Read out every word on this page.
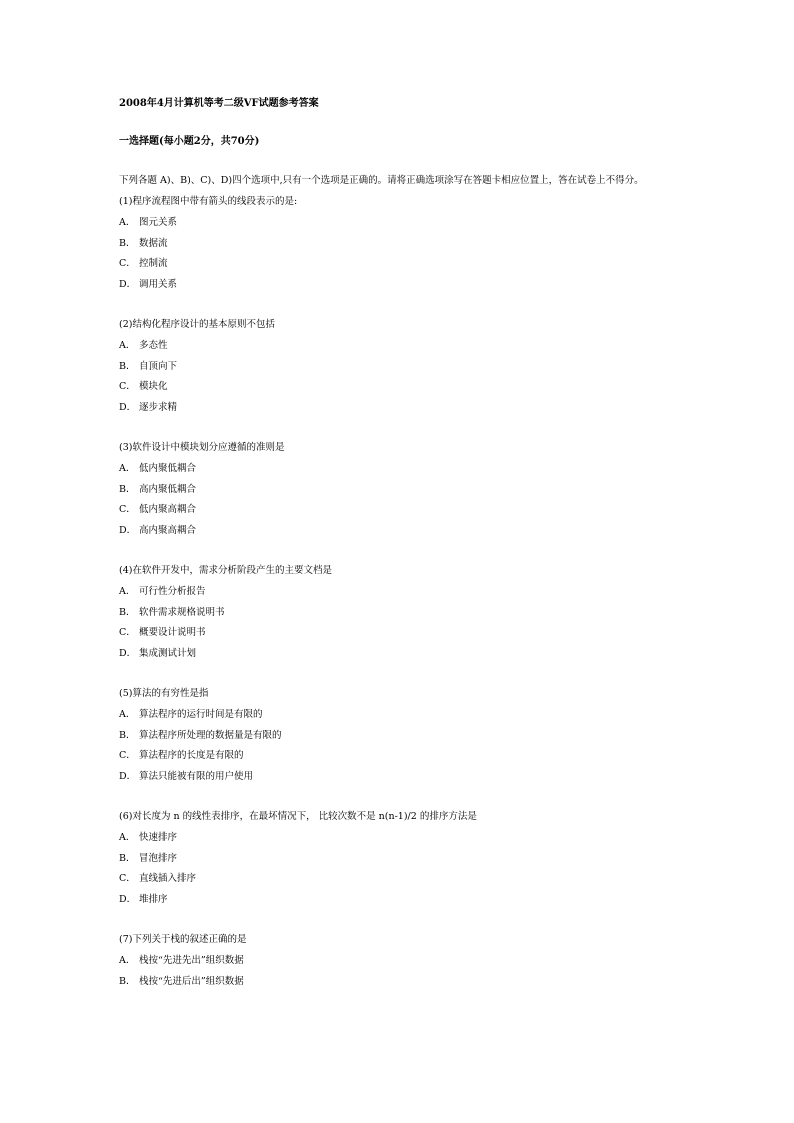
2008年4月计算机等考二级VF试题参考答案
一选择题(每小题2分，共70分)
下列各题 A)、B)、C)、D)四个选项中,只有一个选项是正确的。请将正确选项涂写在答题卡相应位置上，答在试卷上不得分。
(1)程序流程图中带有箭头的线段表示的是:
A． 图元关系
B． 数据流
C． 控制流
D． 调用关系
(2)结构化程序设计的基本原则不包括
A． 多态性
B． 自顶向下
C． 模块化
D． 逐步求精
(3)软件设计中模块划分应遵循的准则是
A． 低内聚低耦合
B． 高内聚低耦合
C． 低内聚高耦合
D． 高内聚高耦合
(4)在软件开发中，需求分析阶段产生的主要文档是
A． 可行性分析报告
B． 软件需求规格说明书
C． 概要设计说明书
D． 集成测试计划
(5)算法的有穷性是指
A． 算法程序的运行时间是有限的
B． 算法程序所处理的数据量是有限的
C． 算法程序的长度是有限的
D． 算法只能被有限的用户使用
(6)对长度为 n 的线性表排序，在最坏情况下， 比较次数不是 n(n-1)/2 的排序方法是
A． 快速排序
B． 冒泡排序
C． 直线插入排序
D． 堆排序
(7)下列关于栈的叙述正确的是
A． 栈按“先进先出”组织数据
B． 栈按“先进后出”组织数据
